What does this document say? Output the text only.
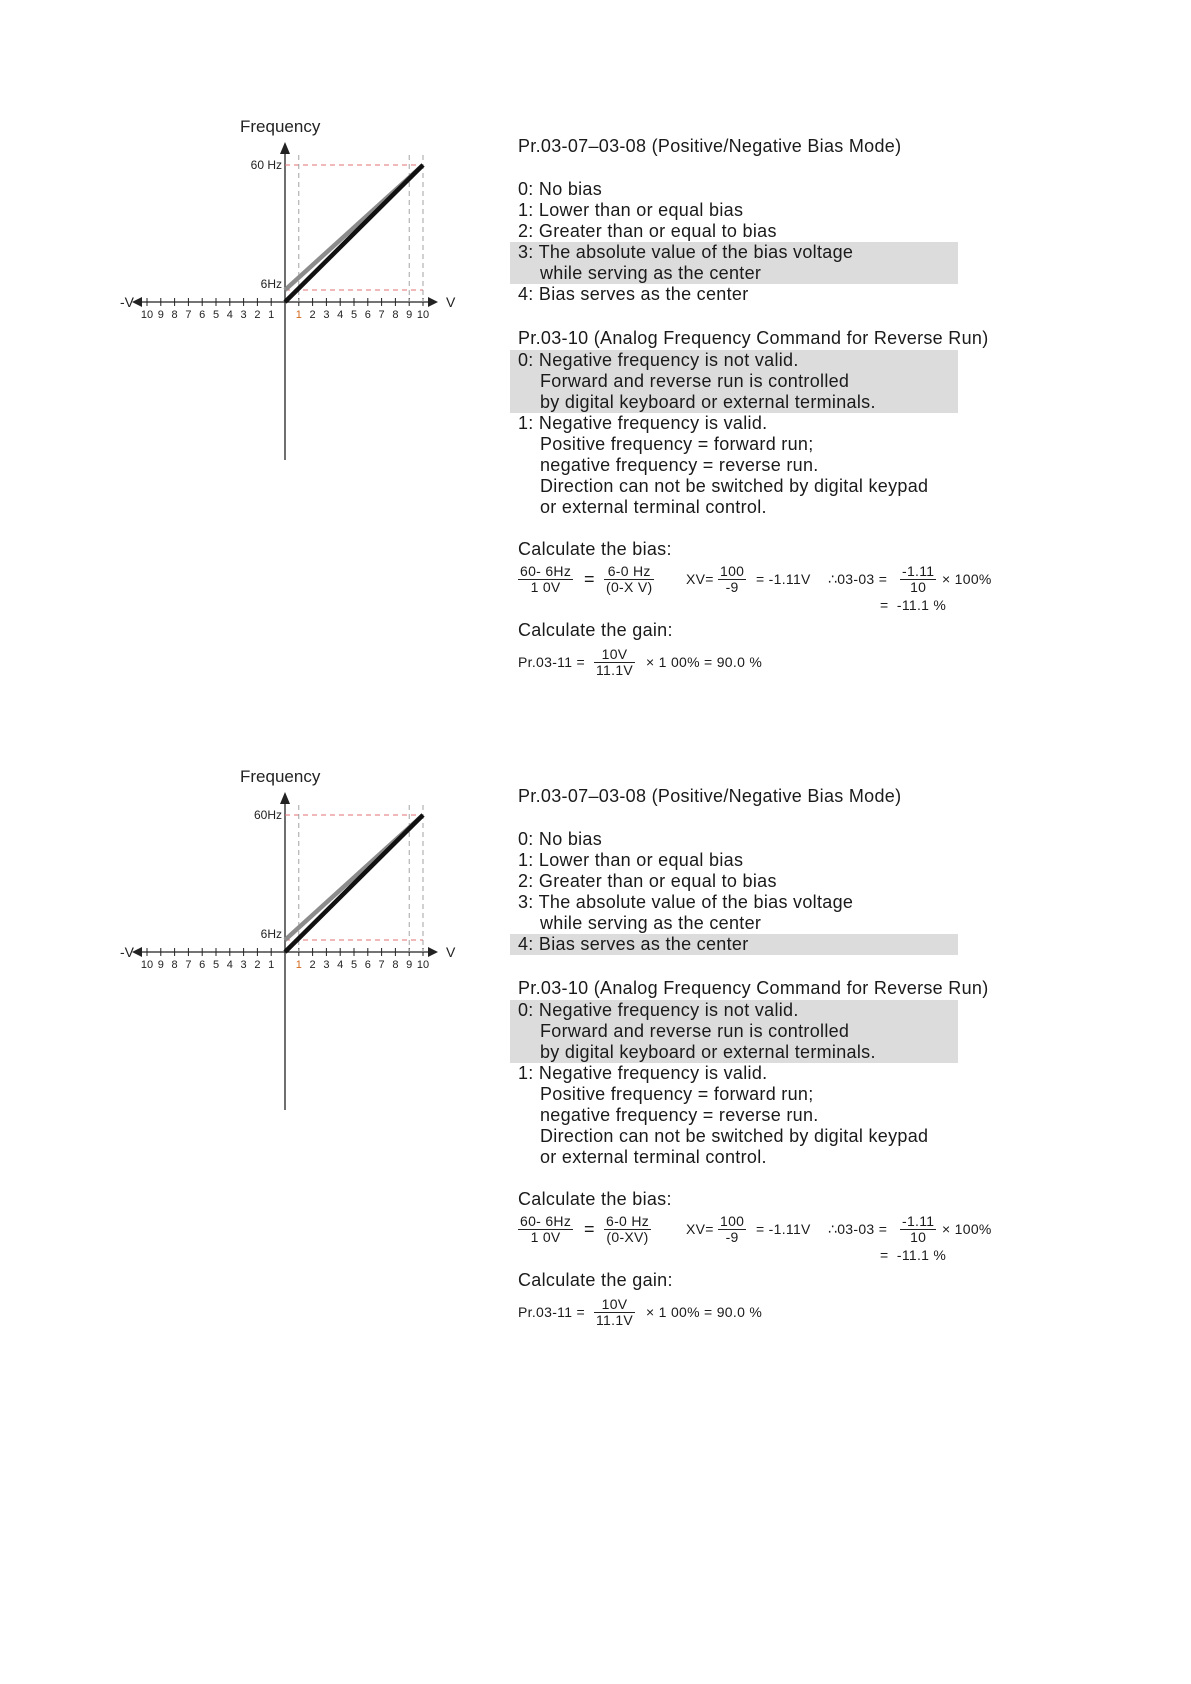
Frequency
-V	V
60 Hz
6Hz
1 2 3 4 5 6 7 8 9 10
10 9 8 7 6 5 4 3 2 1
Pr.03-07–03-08 (Positive/Negative Bias Mode)
0: No bias
1: Lower than or equal bias
2: Greater than or equal to bias
3: The absolute value of the bias voltage
while serving as the center
4: Bias serves as the center
Pr.03-10 (Analog Frequency Command for Reverse Run)
0: Negative frequency is not valid.
Forward and reverse run is controlled
by digital keyboard or external terminals.
1: Negative frequency is valid.
Positive frequency = forward run;
negative frequency = reverse run.
Direction can not be switched by digital keypad
or external terminal control.
Calculate the bias:
$\frac{60- 6Hz}{1 0V} = \frac{6-0 Hz}{\text{(0-X V)}} XV= \frac{100}{-9} = -1.11V$ ∴03-03 = $\frac{-1.11}{10} \times 100\%$
=  -11.1 %
Calculate the gain:
$Pr.03-11 = \frac{10V}{11.1V} \times 1$ 00% = 90.0 %
Frequency
-V	V
60Hz
6Hz
1 2 3 4 5 6 7 8 9 10
10 9 8 7 6 5 4 3 2 1
Pr.03-07–03-08 (Positive/Negative Bias Mode)
0: No bias
1: Lower than or equal bias
2: Greater than or equal to bias
3: The absolute value of the bias voltage
while serving as the center
4: Bias serves as the center
Pr.03-10 (Analog Frequency Command for Reverse Run)
0: Negative frequency is not valid.
Forward and reverse run is controlled
by digital keyboard or external terminals.
1: Negative frequency is valid.
Positive frequency = forward run;
negative frequency = reverse run.
Direction can not be switched by digital keypad
or external terminal control.
Calculate the bias:
$\frac{60- 6Hz}{1 0V} = \frac{6-0 Hz}{(0-XV)} XV= \frac{100}{-9} = -1.11V$ ∴03-03 = $\frac{-1.11}{10} \times 100\%$
=  -11.1 %
Calculate the gain:
$Pr.03-11 = \frac{10V}{11.1V} \times 1$ 00% = 90.0 %
